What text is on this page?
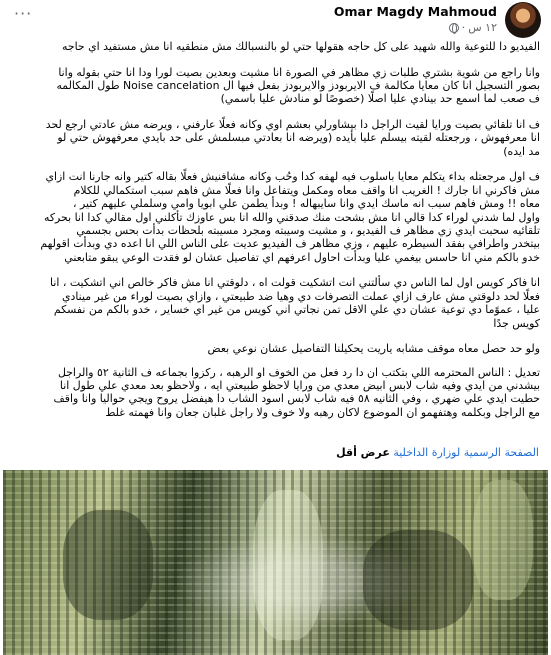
Omar Magdy Mahmoud
١٢ س
·
···

الفيديو دا للتوعية والله شهيد على كل حاجه هقولها حتي لو بالنسبالك مش منطقيه انا مش مستفيد اي حاجه

وانا راجع من شوية بشتري طلبات زي مظاهر في الصورة انا مشيت وبعدين بصيت لورا ودا انا حتي بقوله وانا
بصور التسجيل انا كان معايا مكالمة ف الايربودز والايربودز بفعل فيها ال Noise cancelation طول المكالمه
ف صعب لما اسمع حد بينادي عليا اصلًا (خصوصًا لو منادش عليا باسمي)

ف انا تلقائي بصيت ورايا لقيت الراجل دا بيشاورلي بعشم اوي وكانه فعلًا عارفني ، ويرضه مش عادتي ارجع لحد
انا معرفهوش ، ورجعتله لقيته بيسلم عليا بأيده (ويرضه انا بعادتي مبسلمش على حد بايدي معرفهوش حتي لو
مد ايده)

ف اول مرجعتله بداء يتكلم معايا باسلوب فيه لهفه كدا وحُب وكانه مشافنيش فعلًا بقاله كتير وانه جارنا انت ازاي
مش فاكرني انا جارك ! الغريب انا واقف معاه ومكمل ويتفاعل وانا فعلًا مش فاهم سبب استكمالي للكلام
معاه !! ومش فاهم سبب انه ماسك ايدي وانا سايبهاله ! وبدأ يطمن علي ابويا وامي وسلملي عليهم كتير ،
واول لما شدني لوراء كدا قالي انا مش بشحت منك صدقني والله انا بس عاوزك تأكلني اول مقالي كدا انا بحركه
تلقائيه سحبت ايدي زي مظاهر ف الفيديو ، و مشيت وسيبته ومجرد مسيبته بلحظات بدأت بحس بجسمي
بيتخدر واطرافي بفقد السيطره عليهم ، وزي مظاهر ف الفيديو عديت على الناس اللي انا اعده دي وبدأت اقولهم
خدو بالكم مني انا حاسس بيغمي عليا وبدأت احاول اعرفهم اي تفاصيل عشان لو فقدت الوعي يبقو متابعني

انا فاكر كويس اول لما الناس دي سألتني انت اتشكيت قولت اه ، دلوقتي انا مش فاكر خالص اني اتشكيت ، انا
فعلًا لحد دلوقتي مش عارف ازاي عملت التصرفات دي وهيا ضد طبيعتي ، وازاي بصيت لوراء من غير مينادي
عليا ، عموًما دي توعية عشان دي علي الاقل تمن نجاتي اني كويس من غير اي خساير ، خدو بالكم من نفسكم
كويس جدًا

ولو حد حصل معاه موقف مشابه ياريت يحكيلنا التفاصيل عشان نوعي بعض

تعديل : الناس المحترمه اللي بتكتب ان دا رد فعل من الخوف او الرهبه ، ركزوا بجماعه ف الثانية ٥٢ والراجل
بيشدني من ايدي وفيه شاب لابس ابيض معدي من ورايا لاحظو طبيعتي ايه ، ولاحظو بعد معدي علي طول انا
حطيت ايدي علي ضهري ، وفي الثانيه ٥٨ فيه شاب لابس اسود الشاب دا هيفضل يروح ويجي حواليا وانا واقف
مع الراجل وبكلمه وهتفهمو ان الموضوع لاكان رهبه ولا خوف ولا راجل غلبان جعان وانا فهمته غلط

الصفحة الرسمية لوزارة الداخلية عرض أقل
